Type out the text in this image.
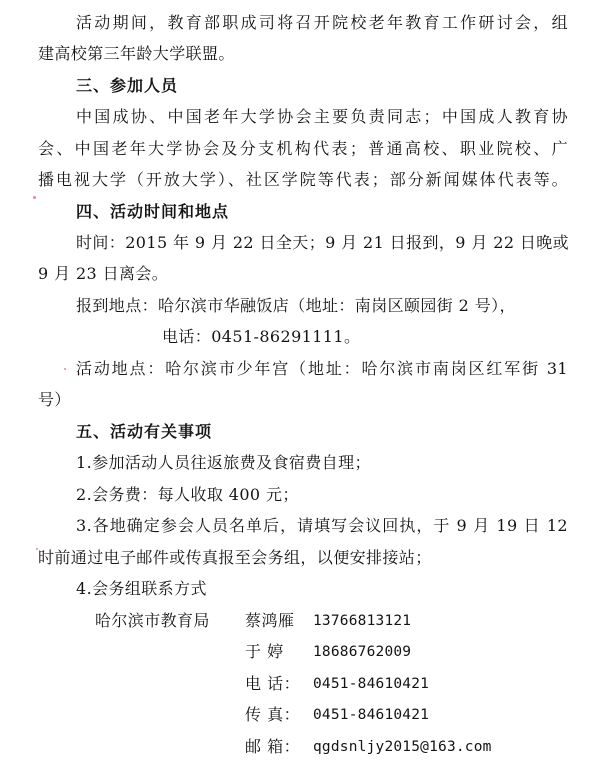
活动期间，教育部职成司将召开院校老年教育工作研讨会，组
建高校第三年龄大学联盟。
三、参加人员
中国成协、中国老年大学协会主要负责同志；中国成人教育协
会、中国老年大学协会及分支机构代表；普通高校、职业院校、广
播电视大学（开放大学）、社区学院等代表；部分新闻媒体代表等。
四、活动时间和地点
时间：2015 年 9 月 22 日全天；9 月 21 日报到，9 月 22 日晚或
9 月 23 日离会。
报到地点：哈尔滨市华融饭店（地址：南岗区颐园街 2 号），
电话：0451-86291111。
活动地点：哈尔滨市少年宫（地址：哈尔滨市南岗区红军街 31
号）
五、活动有关事项
1.参加活动人员往返旅费及食宿费自理；
2.会务费：每人收取 400 元；
3.各地确定参会人员名单后，请填写会议回执，于 9 月 19 日 12
时前通过电子邮件或传真报至会务组，以便安排接站；
4.会务组联系方式
哈尔滨市教育局	蔡鸿雁 13766813121
于 婷 18686762009
电 话： 0451-84610421
传 真： 0451-84610421
邮 箱： qgdsnljy2015@163.com
